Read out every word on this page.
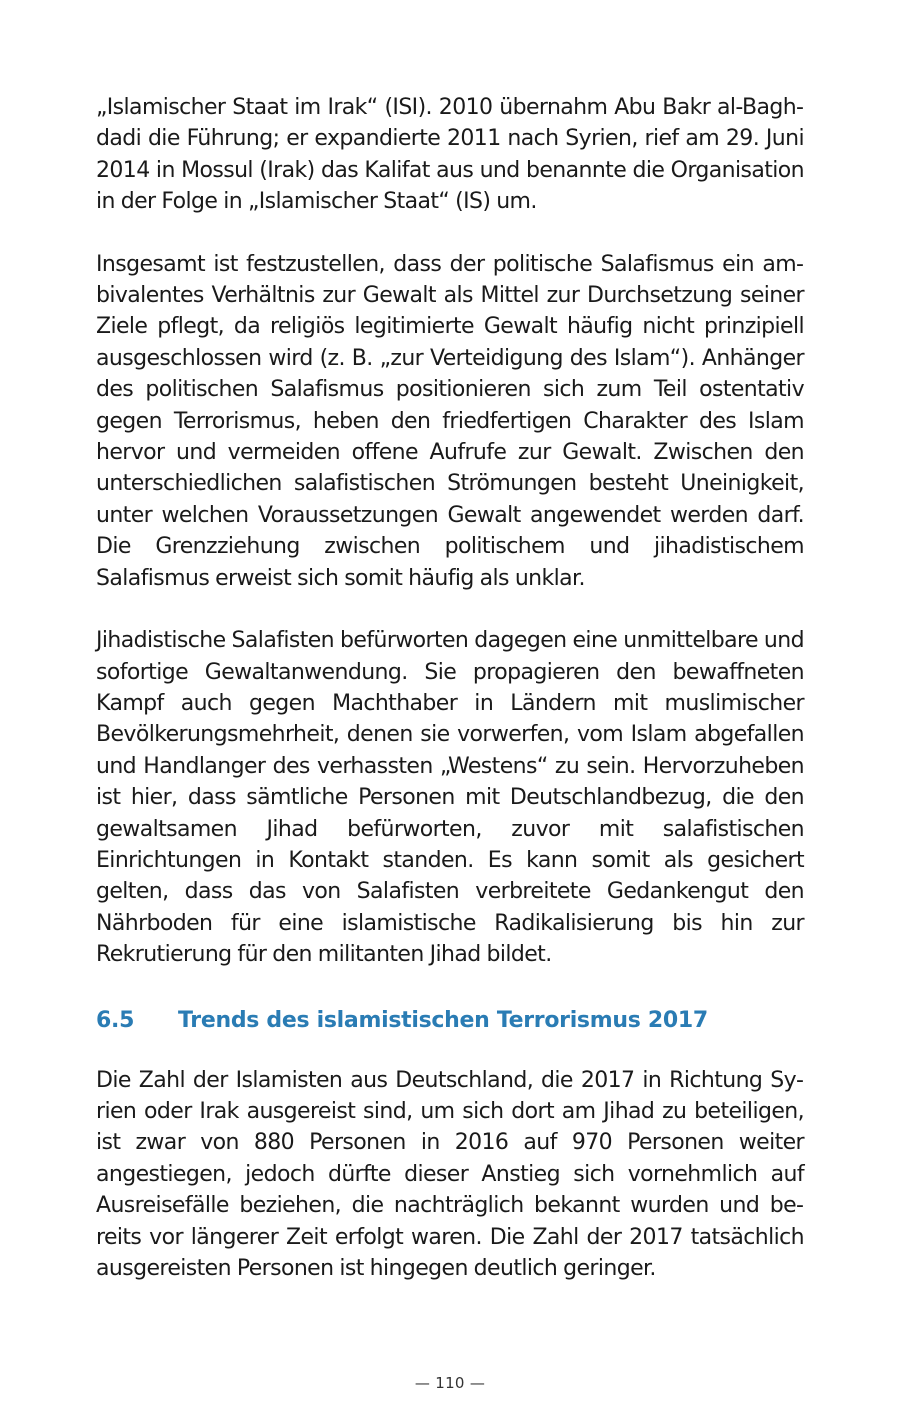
„Islamischer Staat im Irak“ (ISI). 2010 übernahm Abu Bakr al-Baghdadi die Führung; er expandierte 2011 nach Syrien, rief am 29. Juni 2014 in Mossul (Irak) das Kalifat aus und benannte die Organisation in der Folge in „Islamischer Staat“ (IS) um.

Insgesamt ist festzustellen, dass der politische Salafismus ein ambivalentes Verhältnis zur Gewalt als Mittel zur Durchsetzung seiner Ziele pflegt, da religiös legitimierte Gewalt häufig nicht prinzipiell ausgeschlossen wird (z. B. „zur Verteidigung des Islam“). Anhänger des politischen Salafismus positionieren sich zum Teil ostentativ gegen Terrorismus, heben den friedfertigen Charakter des Islam hervor und vermeiden offene Aufrufe zur Gewalt. Zwischen den unterschiedlichen salafistischen Strömungen besteht Uneinigkeit, unter welchen Voraussetzungen Gewalt angewendet werden darf. Die Grenzziehung zwischen politischem und jihadistischem Salafismus erweist sich somit häufig als unklar.

Jihadistische Salafisten befürworten dagegen eine unmittelbare und sofortige Gewaltanwendung. Sie propagieren den bewaffneten Kampf auch gegen Machthaber in Ländern mit muslimischer Bevölkerungsmehrheit, denen sie vorwerfen, vom Islam abgefallen und Handlanger des verhassten „Westens“ zu sein. Hervorzuheben ist hier, dass sämtliche Personen mit Deutschlandbezug, die den gewaltsamen Jihad befürworten, zuvor mit salafistischen Einrichtungen in Kontakt standen. Es kann somit als gesichert gelten, dass das von Salafisten verbreitete Gedankengut den Nährboden für eine islamistische Radikalisierung bis hin zur Rekrutierung für den militanten Jihad bildet.

6.5	Trends des islamistischen Terrorismus 2017

Die Zahl der Islamisten aus Deutschland, die 2017 in Richtung Syrien oder Irak ausgereist sind, um sich dort am Jihad zu beteiligen, ist zwar von 880 Personen in 2016 auf 970 Personen weiter angestiegen, jedoch dürfte dieser Anstieg sich vornehmlich auf Ausreisefälle beziehen, die nachträglich bekannt wurden und bereits vor längerer Zeit erfolgt waren. Die Zahl der 2017 tatsächlich ausgereisten Personen ist hingegen deutlich geringer.

— 110 —
